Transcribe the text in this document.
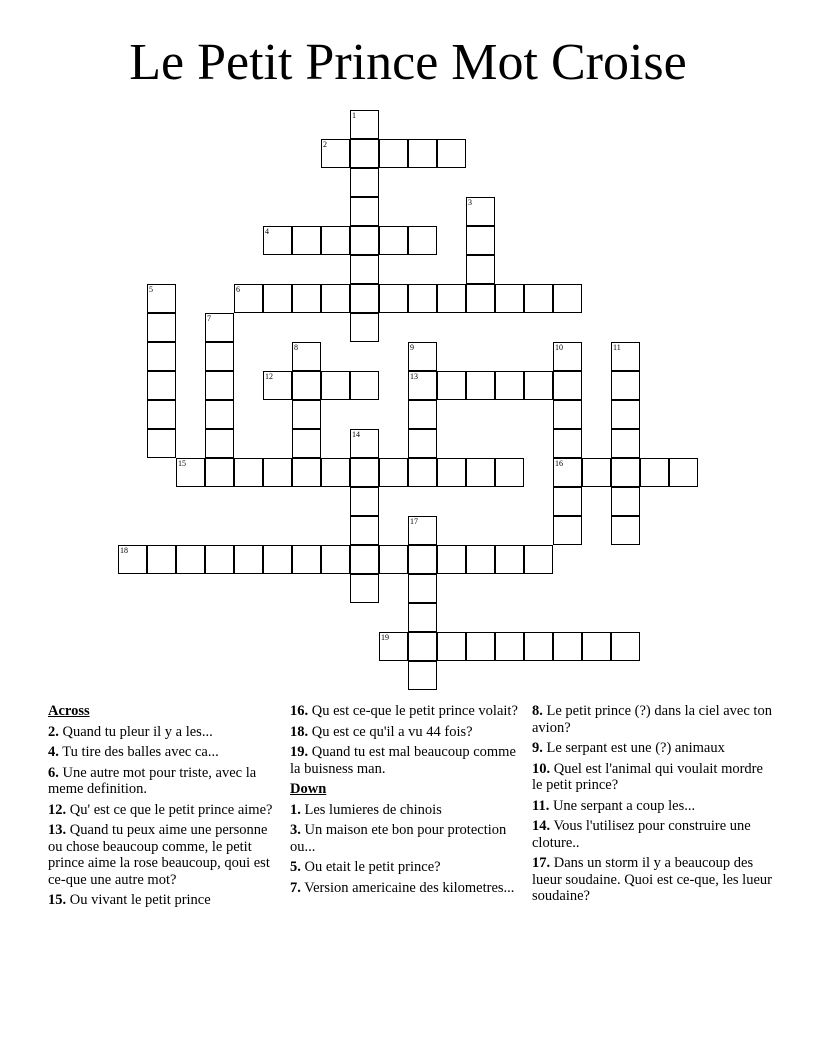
Le Petit Prince Mot Croise
1
2
3
4
5	6
7
8	9	10	11
12	13
14
15	16
17
18
19
Across
2. Quand tu pleur il y a les...
4. Tu tire des balles avec ca...
6. Une autre mot pour triste, avec la meme definition.
12. Qu' est ce que le petit prince aime?
13. Quand tu peux aime une personne ou chose beaucoup comme, le petit prince aime la rose beaucoup, qoui est ce-que une autre mot?
15. Ou vivant le petit prince
16. Qu est ce-que le petit prince volait?
18. Qu est ce qu'il a vu 44 fois?
19. Quand tu est mal beaucoup comme la buisness man.
Down
1. Les lumieres de chinois
3. Un maison ete bon pour protection ou...
5. Ou etait le petit prince?
7. Version americaine des kilometres...
8. Le petit prince (?) dans la ciel avec ton avion?
9. Le serpant est une (?) animaux
10. Quel est l'animal qui voulait mordre le petit prince?
11. Une serpant a coup les...
14. Vous l'utilisez pour construire une cloture..
17. Dans un storm il y a beaucoup des lueur soudaine. Quoi est ce-que, les lueur soudaine?
